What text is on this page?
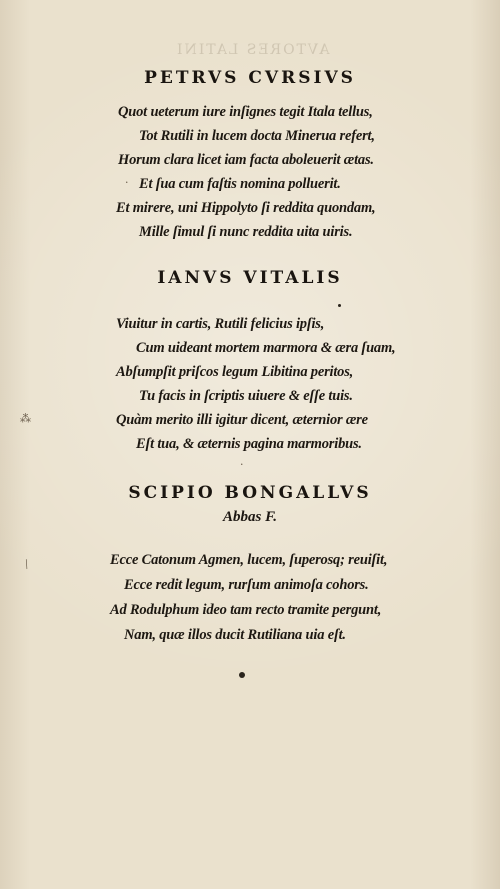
AVTORES LATINI
PETRVS CVRSIVS
Quot ueterum iure inſignes tegit Itala tellus,
Tot Rutili in lucem docta Minerua refert,
Horum clara licet iam facta aboleuerit ætas.
Et ſua cum faſtis nomina polluerit.
Et mirere, uni Hippolyto ſi reddita quondam,
Mille ſimul ſi nunc reddita uita uiris.
IANVS VITALIS
Viuitur in cartis, Rutili felicius ipſis,
Cum uideant mortem marmora & æra ſuam,
Abſumpſit priſcos legum Libitina peritos,
Tu facis in ſcriptis uiuere & eſſe tuis.
Quàm merito illi igitur dicent, æternior ære
Eſt tua, & æternis pagina marmoribus.
SCIPIO BONGALLVS
Abbas F.
Ecce Catonum Agmen, lucem, ſuperosq; reuiſit,
Ecce redit legum, rurſum animoſa cohors.
Ad Rodulphum ideo tam recto tramite pergunt,
Nam, quæ illos ducit Rutiliana uia eſt.
⁂
⁄
·
·
